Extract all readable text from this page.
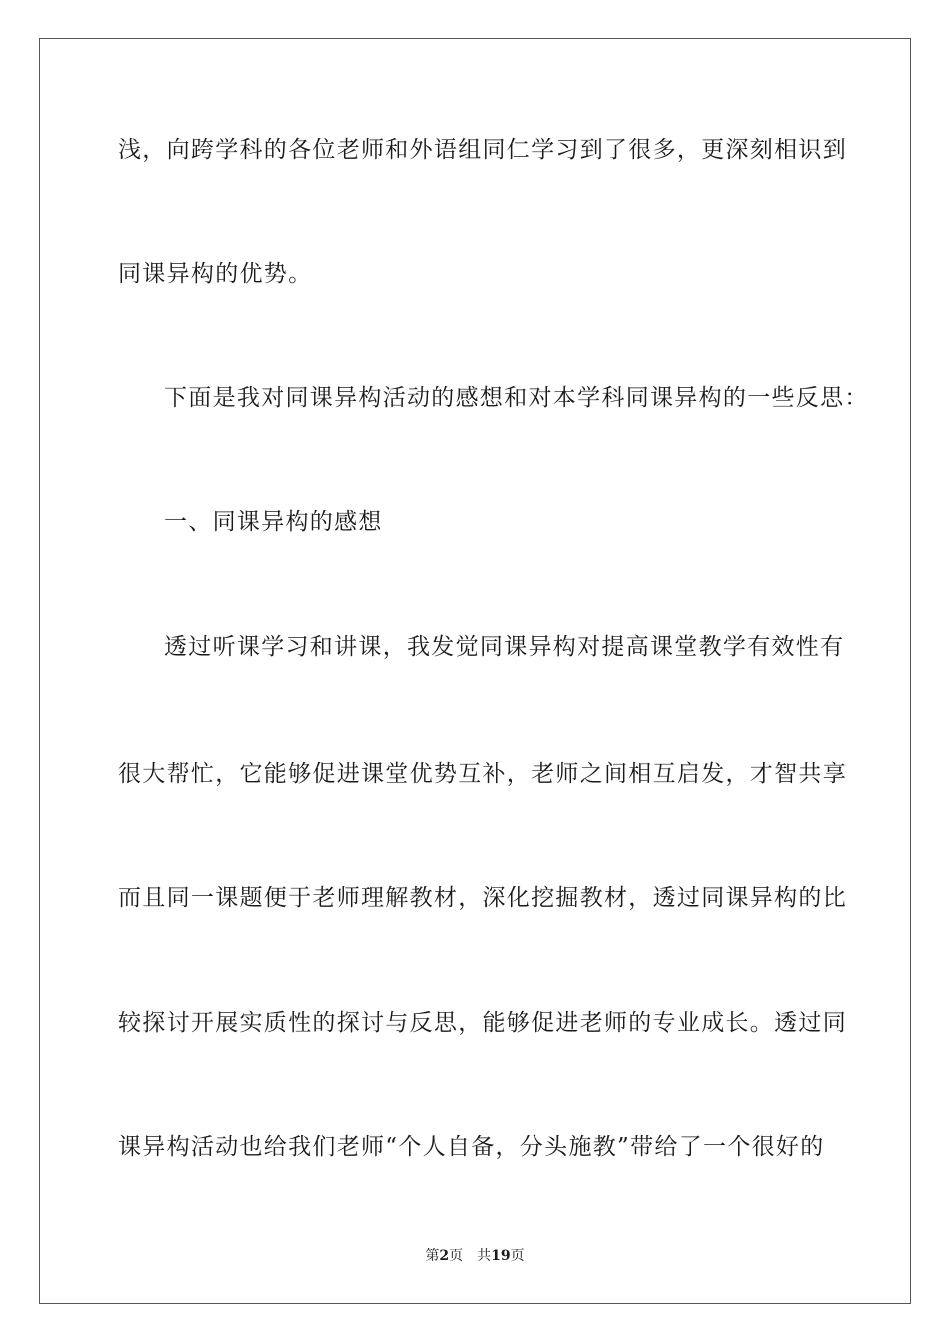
浅，向跨学科的各位老师和外语组同仁学习到了很多，更深刻相识到
同课异构的优势。
下面是我对同课异构活动的感想和对本学科同课异构的一些反思：
一、同课异构的感想
透过听课学习和讲课，我发觉同课异构对提高课堂教学有效性有
很大帮忙，它能够促进课堂优势互补，老师之间相互启发，才智共享
而且同一课题便于老师理解教材，深化挖掘教材，透过同课异构的比
较探讨开展实质性的探讨与反思，能够促进老师的专业成长。透过同
课异构活动也给我们老师“个人自备，分头施教”带给了一个很好的
第2页　共19页
